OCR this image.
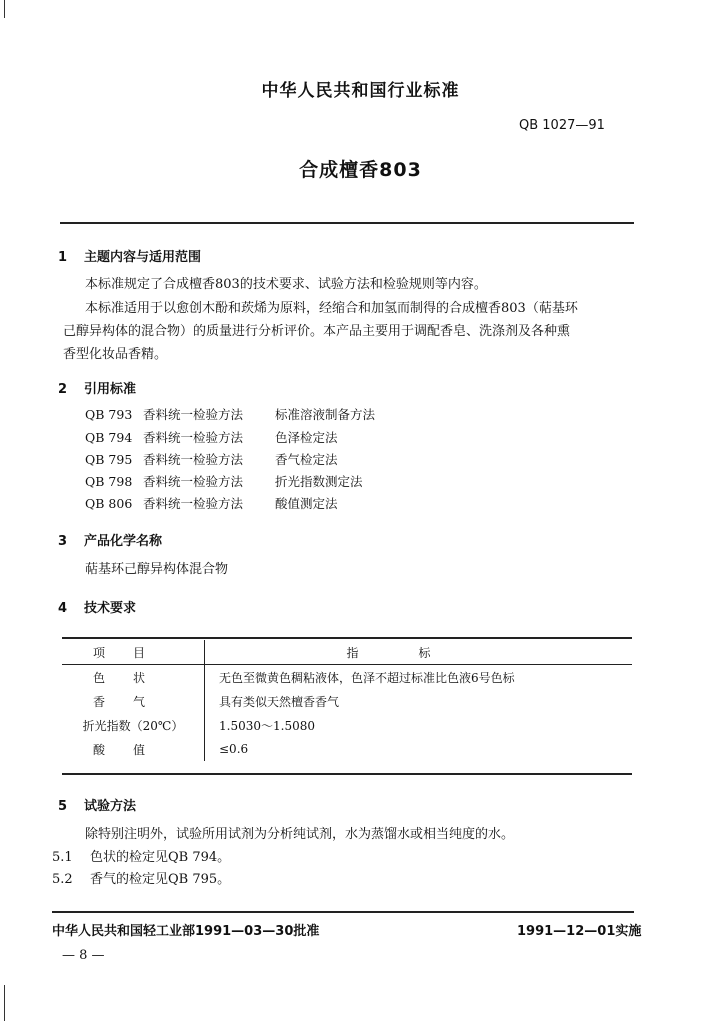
中华人民共和国行业标准
QB 1027—91
合成檀香803
1 主题内容与适用范围
本标准规定了合成檀香803的技术要求、试验方法和检验规则等内容。
本标准适用于以愈创木酚和莰烯为原料，经缩合和加氢而制得的合成檀香803（萜基环
己醇异构体的混合物）的质量进行分析评价。本产品主要用于调配香皂、洗涤剂及各种熏
香型化妆品香精。
2 引用标准
QB 793 香料统一检验方法	标准溶液制备方法
QB 794 香料统一检验方法	色泽检定法
QB 795 香料统一检验方法	香气检定法
QB 798 香料统一检验方法	折光指数测定法
QB 806 香料统一检验方法	酸值测定法
3 产品化学名称
萜基环己醇异构体混合物
4 技术要求
项目	指标
色状	无色至微黄色稠粘液体，色泽不超过标准比色液6号色标
香气	具有类似天然檀香香气
折光指数（20℃）	1.5030～1.5080
酸值	≤0.6
5 试验方法
除特别注明外，试验所用试剂为分析纯试剂，水为蒸馏水或相当纯度的水。
5.1 色状的检定见QB 794。
5.2 香气的检定见QB 795。
中华人民共和国轻工业部1991—03—30批准	1991—12—01实施
— 8 —
